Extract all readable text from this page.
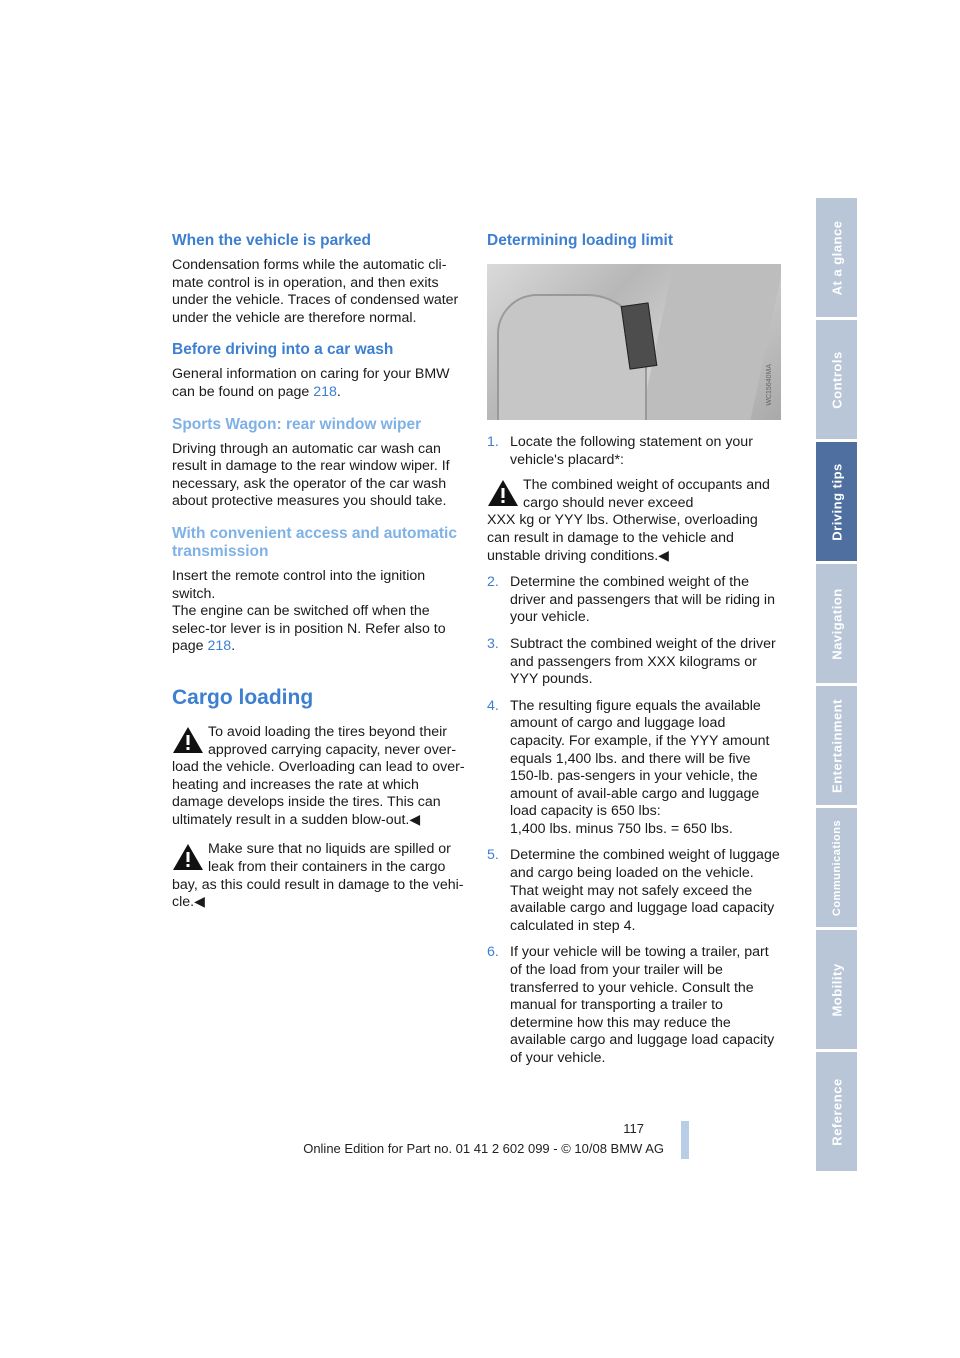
When the vehicle is parked

Condensation forms while the automatic cli-mate control is in operation, and then exits under the vehicle. Traces of condensed water under the vehicle are therefore normal.

Before driving into a car wash

General information on caring for your BMW can be found on page 218.

Sports Wagon: rear window wiper

Driving through an automatic car wash can result in damage to the rear window wiper. If necessary, ask the operator of the car wash about protective measures you should take.

With convenient access and automatic transmission

Insert the remote control into the ignition switch.

The engine can be switched off when the selec-tor lever is in position N. Refer also to page 218.

Cargo loading
To avoid loading the tires beyond their approved carrying capacity, never over-
load the vehicle. Overloading can lead to over-heating and increases the rate at which damage develops inside the tires. This can ultimately result in a sudden blow-out.◀
Make sure that no liquids are spilled or leak from their containers in the cargo
bay, as this could result in damage to the vehi-cle.◀
Determining loading limit
WC15640MA
1. Locate the following statement on your vehicle's placard*:
The combined weight of occupants and cargo should never exceed
XXX kg or YYY lbs. Otherwise, overloading can result in damage to the vehicle and unstable driving conditions.◀
2. Determine the combined weight of the driver and passengers that will be riding in your vehicle.
3. Subtract the combined weight of the driver and passengers from XXX kilograms or YYY pounds.
4. The resulting figure equals the available amount of cargo and luggage load capacity. For example, if the YYY amount equals 1,400 lbs. and there will be five 150-lb. pas-sengers in your vehicle, the amount of avail-able cargo and luggage load capacity is 650 lbs:
1,400 lbs. minus 750 lbs. = 650 lbs.
5. Determine the combined weight of luggage and cargo being loaded on the vehicle. That weight may not safely exceed the available cargo and luggage load capacity calculated in step 4.
6. If your vehicle will be towing a trailer, part of the load from your trailer will be transferred to your vehicle. Consult the manual for transporting a trailer to determine how this may reduce the available cargo and luggage load capacity of your vehicle.
At a glance
Controls
Driving tips
Navigation
Entertainment
Communications
Mobility
Reference
117
Online Edition for Part no. 01 41 2 602 099 - © 10/08 BMW AG
